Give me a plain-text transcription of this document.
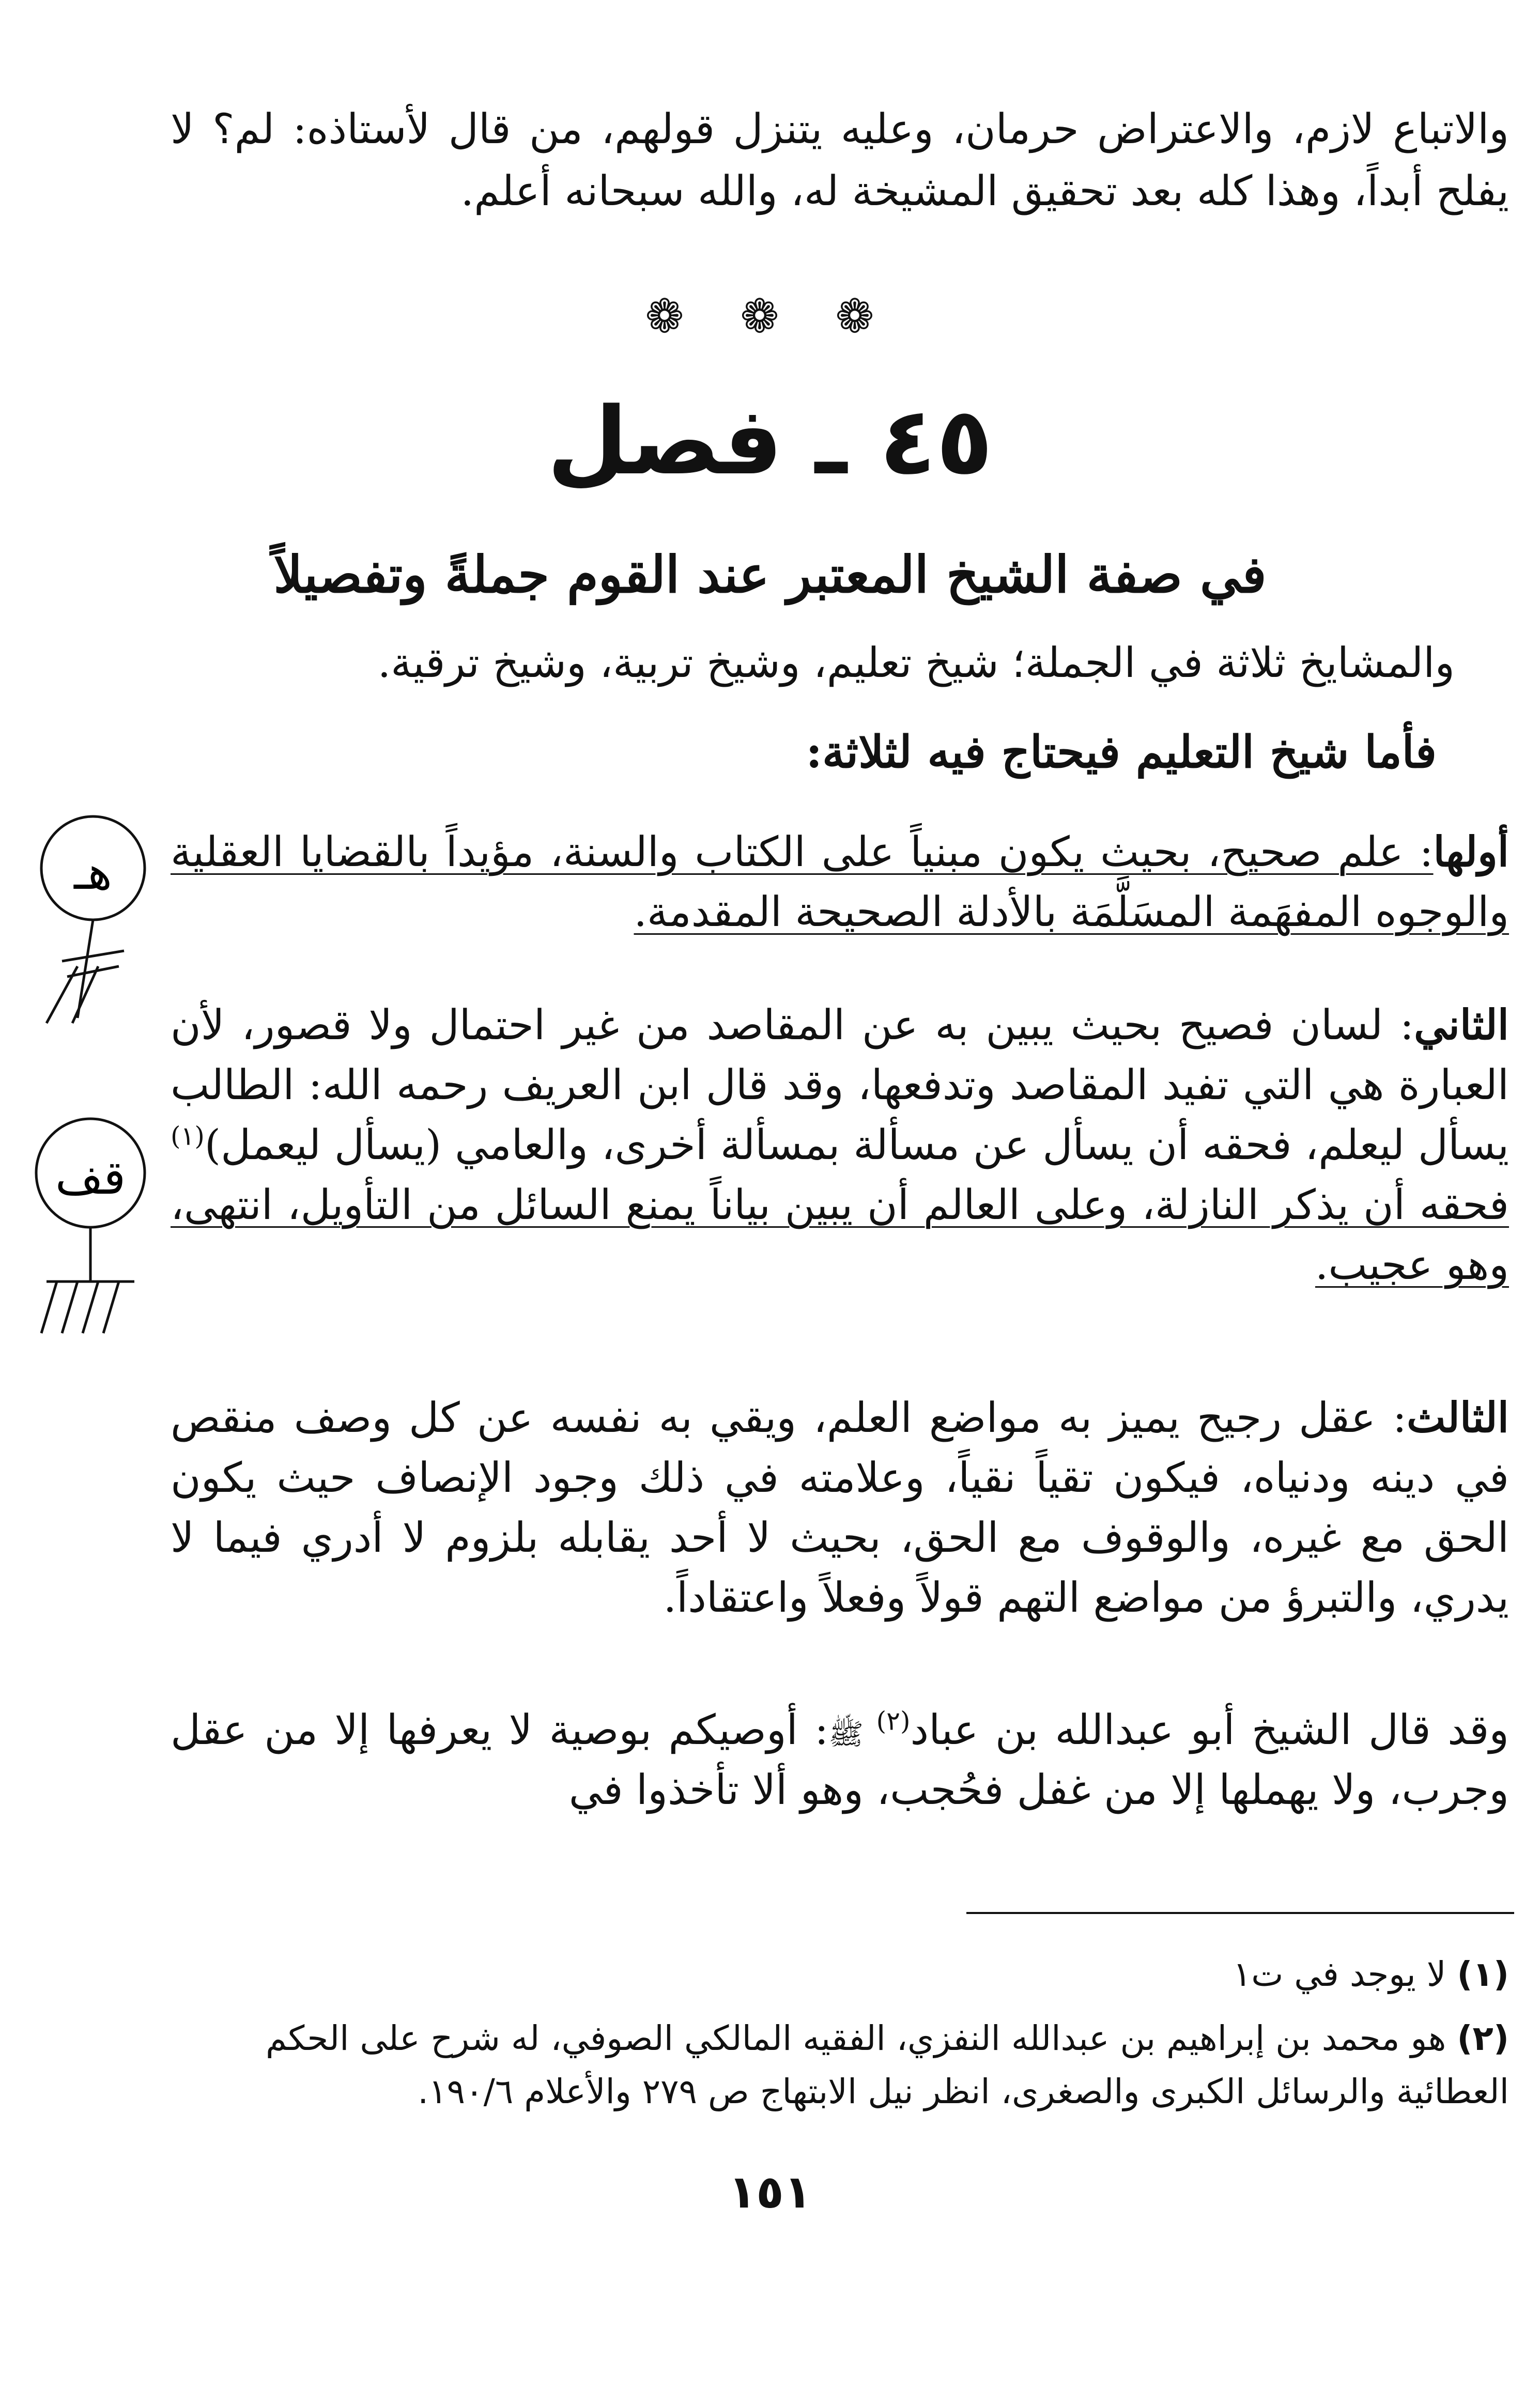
والاتباع لازم، والاعتراض حرمان، وعليه يتنزل قولهم، من قال لأستاذه: لم؟ لا يفلح أبداً، وهذا كله بعد تحقيق المشيخة له، والله سبحانه أعلم.

❁ ❁ ❁
٤٥ ـ فصل
في صفة الشيخ المعتبر عند القوم جملةً وتفصيلاً

والمشايخ ثلاثة في الجملة؛ شيخ تعليم، وشيخ تربية، وشيخ ترقية.

فأما شيخ التعليم فيحتاج فيه لثلاثة:

أولها: علم صحيح، بحيث يكون مبنياً على الكتاب والسنة، مؤيداً بالقضايا العقلية والوجوه المفهَمة المسَلَّمَة بالأدلة الصحيحة المقدمة.

الثاني: لسان فصيح بحيث يبين به عن المقاصد من غير احتمال ولا قصور، لأن العبارة هي التي تفيد المقاصد وتدفعها، وقد قال ابن العريف رحمه الله: الطالب يسأل ليعلم، فحقه أن يسأل عن مسألة بمسألة أخرى، والعامي (يسأل ليعمل)$^{(١)}$ فحقه أن يذكر النازلة، وعلى العالم أن يبين بياناً يمنع السائل من التأويل، انتهى، وهو عجيب.

الثالث: عقل رجيح يميز به مواضع العلم، ويقي به نفسه عن كل وصف منقص في دينه ودنياه، فيكون تقياً نقياً، وعلامته في ذلك وجود الإنصاف حيث يكون الحق مع غيره، والوقوف مع الحق، بحيث لا أحد يقابله بلزوم لا أدري فيما لا يدري، والتبرؤ من مواضع التهم قولاً وفعلاً واعتقاداً.

وقد قال الشيخ أبو عبدالله بن عباد$^{(٢)}$ ﷺ: أوصيكم بوصية لا يعرفها إلا من عقل وجرب، ولا يهملها إلا من غفل فحُجب، وهو ألا تأخذوا في

(١) لا يوجد في ت١

(٢) هو محمد بن إبراهيم بن عبدالله النفزي، الفقيه المالكي الصوفي، له شرح على الحكم العطائية والرسائل الكبرى والصغرى، انظر نيل الابتهاج ص ٢٧٩ والأعلام ١٩٠/٦.

١٥١
هـ
قف
